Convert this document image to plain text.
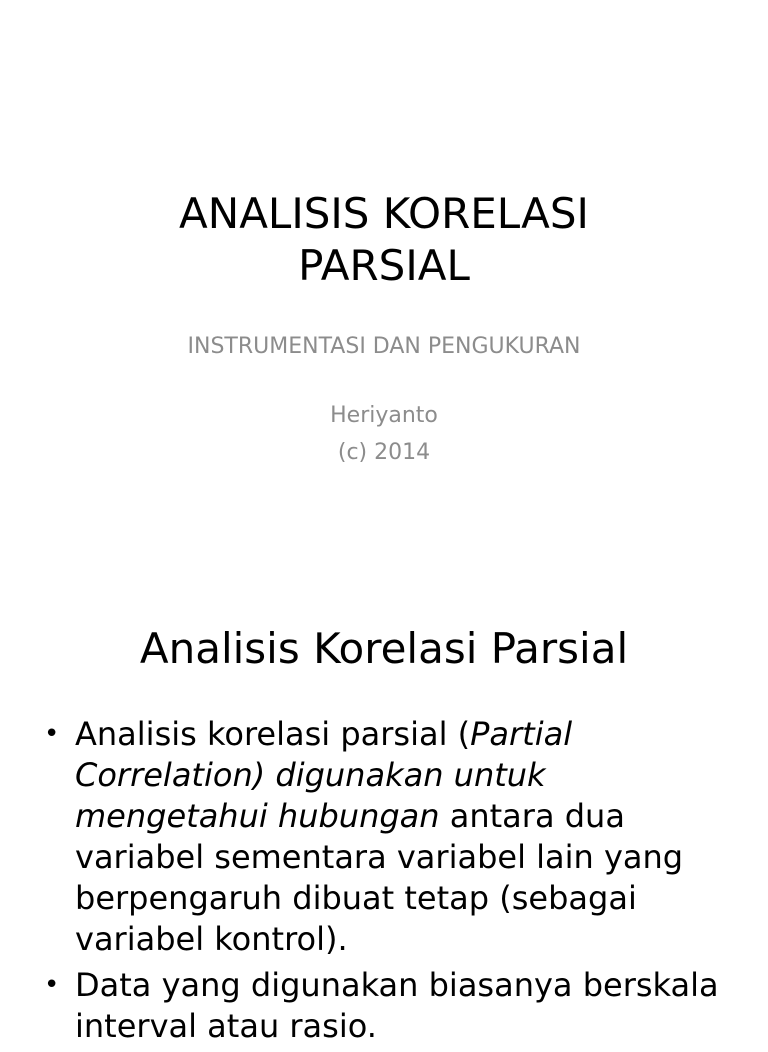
ANALISIS KORELASI
PARSIAL

INSTRUMENTASI DAN PENGUKURAN

Heriyanto
(c) 2014
Analisis Korelasi Parsial
• Analisis korelasi parsial (Partial Correlation) digunakan untuk mengetahui hubungan antara dua variabel sementara variabel lain yang berpengaruh dibuat tetap (sebagai variabel kontrol).
• Data yang digunakan biasanya berskala interval atau rasio.
